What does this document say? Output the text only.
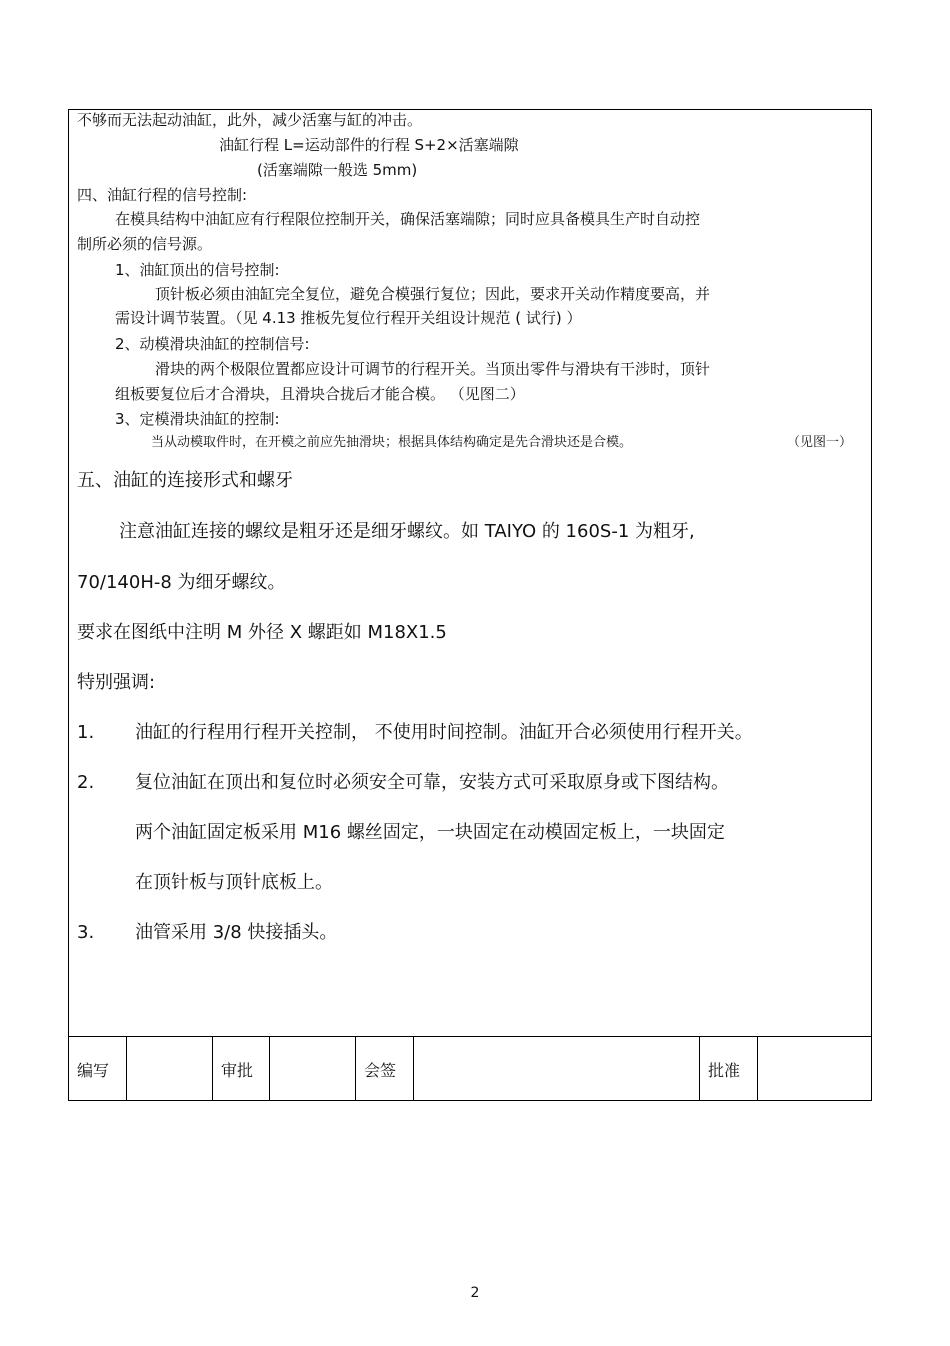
不够而无法起动油缸，此外，减少活塞与缸的冲击。
油缸行程 L=运动部件的行程 S+2×活塞端隙
(活塞端隙一般选 5mm)
四、油缸行程的信号控制:
在模具结构中油缸应有行程限位控制开关，确保活塞端隙；同时应具备模具生产时自动控
制所必须的信号源。
1、油缸顶出的信号控制:
顶针板必须由油缸完全复位，避免合模强行复位；因此，要求开关动作精度要高，并
需设计调节装置。（见 4.13 推板先复位行程开关组设计规范 ( 试行) ）
2、动模滑块油缸的控制信号:
滑块的两个极限位置都应设计可调节的行程开关。当顶出零件与滑块有干涉时，顶针
组板要复位后才合滑块，且滑块合拢后才能合模。 （见图二）
3、定模滑块油缸的控制:
当从动模取件时，在开模之前应先抽滑块；根据具体结构确定是先合滑块还是合模。	（见图一）
五、油缸的连接形式和螺牙
注意油缸连接的螺纹是粗牙还是细牙螺纹。如 TAIYO 的 160S-1 为粗牙,
70/140H-8 为细牙螺纹。
要求在图纸中注明 M 外径 X 螺距如 M18X1.5
特别强调:
1. 油缸的行程用行程开关控制， 不使用时间控制。油缸开合必须使用行程开关。
2. 复位油缸在顶出和复位时必须安全可靠，安装方式可采取原身或下图结构。
两个油缸固定板采用 M16 螺丝固定，一块固定在动模固定板上，一块固定
在顶针板与顶针底板上。
3. 油管采用 3/8 快接插头。
编写	审批	会签	批准
2
